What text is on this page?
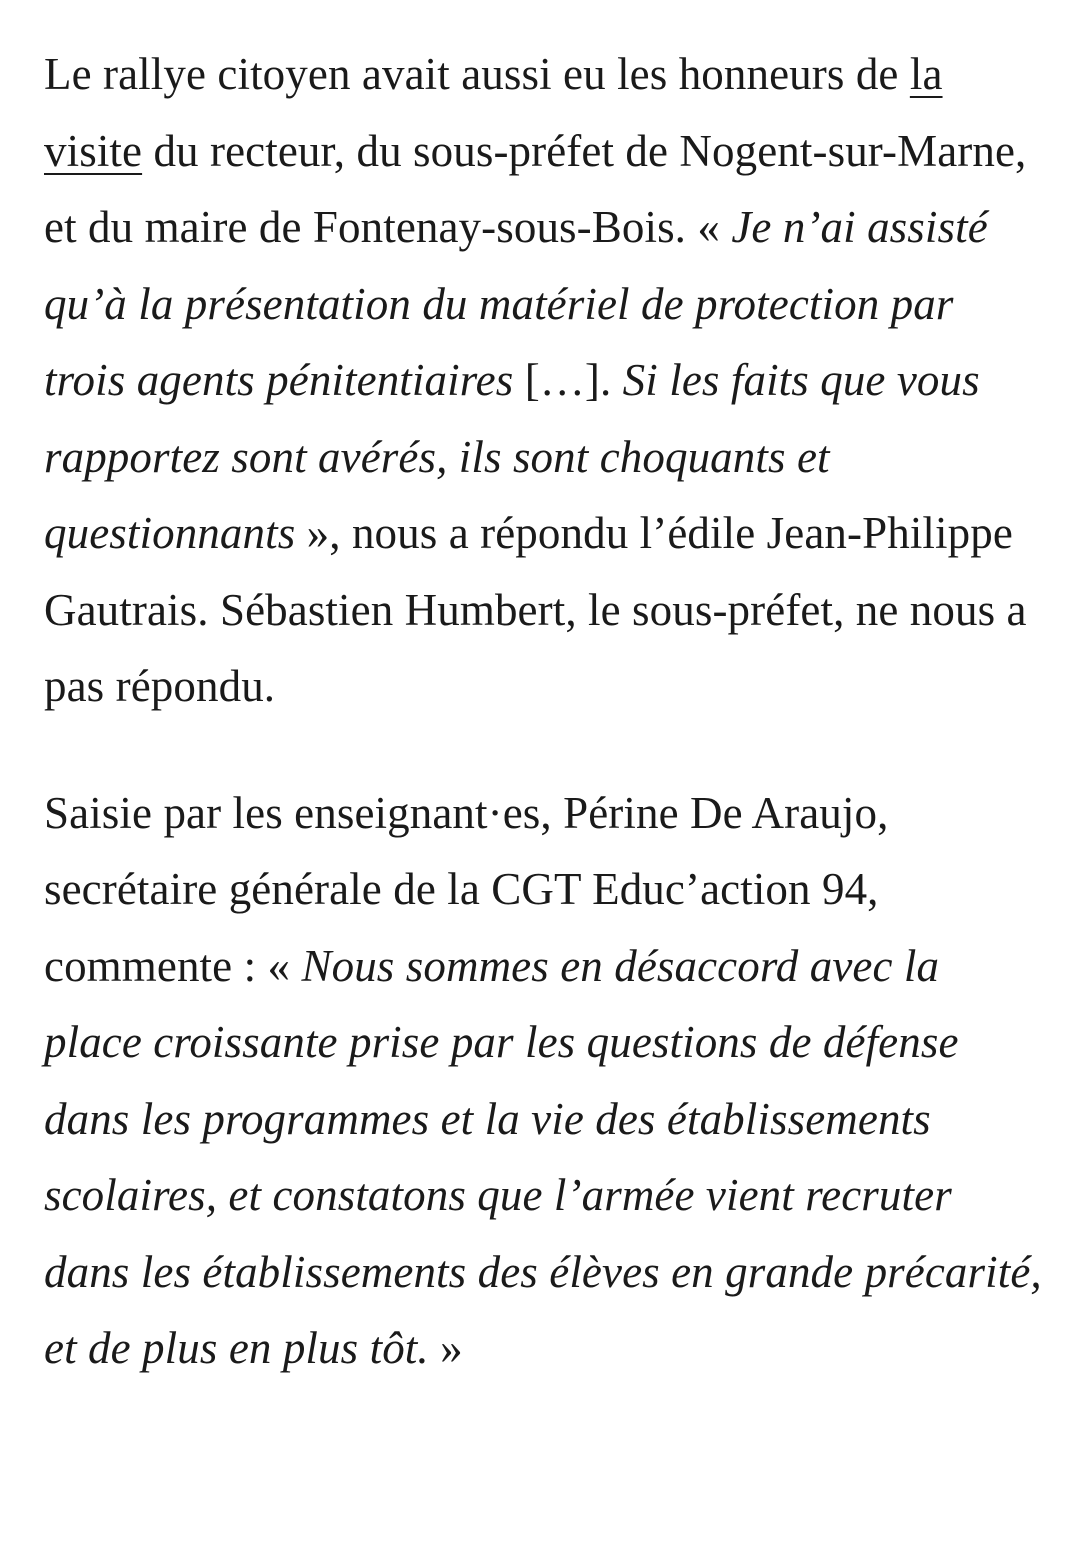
Le rallye citoyen avait aussi eu les honneurs de la visite du recteur, du sous-préfet de Nogent-sur-Marne, et du maire de Fontenay-sous-Bois. « Je n’ai assisté qu’à la présentation du matériel de protection par trois agents pénitentiaires […]. Si les faits que vous rapportez sont avérés, ils sont choquants et questionnants », nous a répondu l’édile Jean-Philippe Gautrais. Sébastien Humbert, le sous-préfet, ne nous a pas répondu.

Saisie par les enseignant·es, Périne De Araujo, secrétaire générale de la CGT Educ’action 94, commente : « Nous sommes en désaccord avec la place croissante prise par les questions de défense dans les programmes et la vie des établissements scolaires, et constatons que l’armée vient recruter dans les établissements des élèves en grande précarité, et de plus en plus tôt. »
